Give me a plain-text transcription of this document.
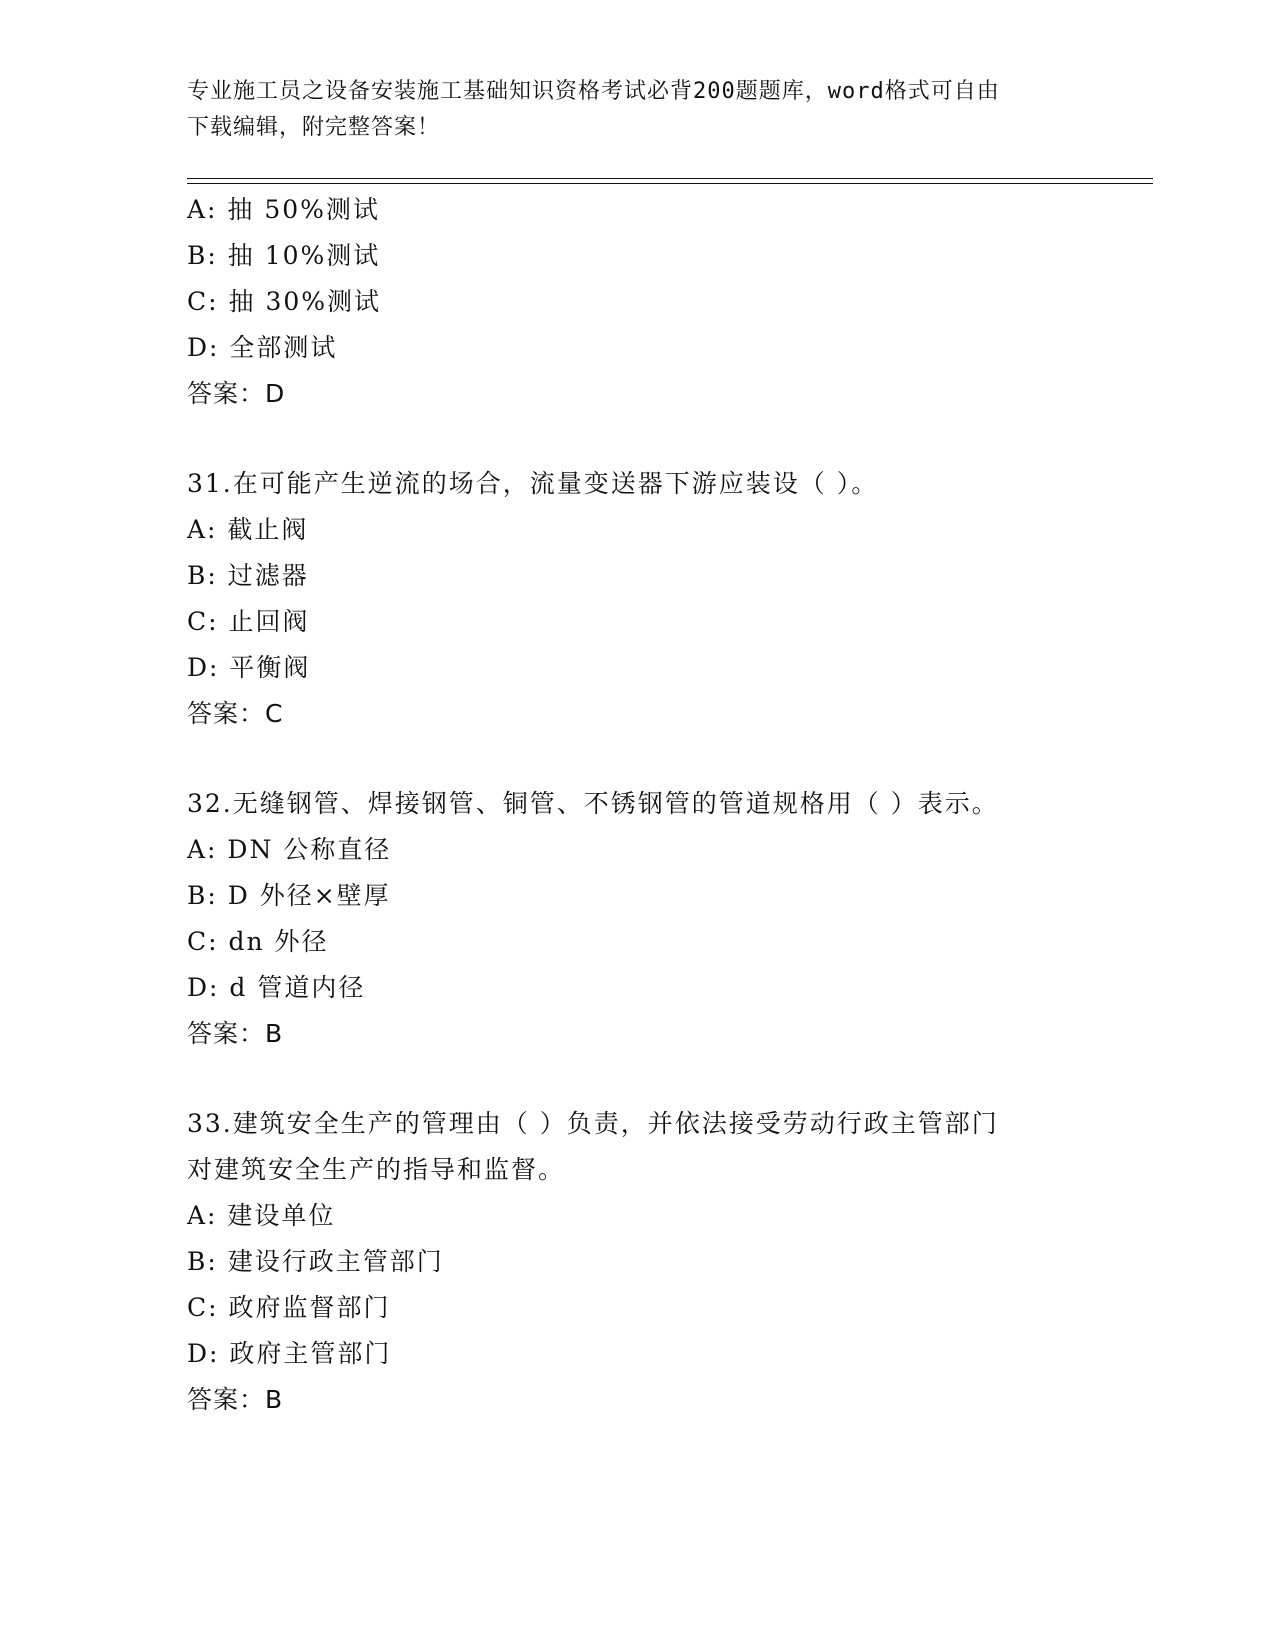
专业施工员之设备安装施工基础知识资格考试必背200题题库，word格式可自由
下载编辑，附完整答案！
A: 抽 50%测试
B: 抽 10%测试
C: 抽 30%测试
D: 全部测试
答案：D
31.在可能产生逆流的场合，流量变送器下游应装设（ ）。
A: 截止阀
B: 过滤器
C: 止回阀
D: 平衡阀
答案：C
32.无缝钢管、焊接钢管、铜管、不锈钢管的管道规格用（ ）表示。
A: DN 公称直径
B: D 外径×壁厚
C: dn 外径
D: d 管道内径
答案：B
33.建筑安全生产的管理由（ ）负责，并依法接受劳动行政主管部门
对建筑安全生产的指导和监督。
A: 建设单位
B: 建设行政主管部门
C: 政府监督部门
D: 政府主管部门
答案：B
